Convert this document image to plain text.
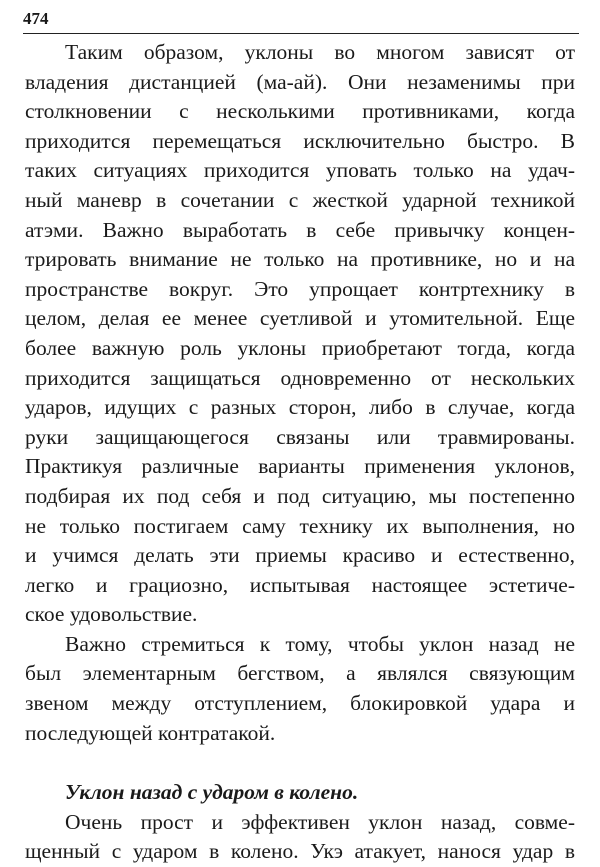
474
Таким образом, уклоны во многом зависят от
владения дистанцией (ма-ай). Они незаменимы при
столкновении с несколькими противниками, когда
приходится перемещаться исключительно быстро. В
таких ситуациях приходится уповать только на удач-
ный маневр в сочетании с жесткой ударной техникой
атэми. Важно выработать в себе привычку концен-
трировать внимание не только на противнике, но и на
пространстве вокруг. Это упрощает контртехнику в
целом, делая ее менее суетливой и утомительной. Еще
более важную роль уклоны приобретают тогда, когда
приходится защищаться одновременно от нескольких
ударов, идущих с разных сторон, либо в случае, когда
руки защищающегося связаны или травмированы.
Практикуя различные варианты применения уклонов,
подбирая их под себя и под ситуацию, мы постепенно
не только постигаем саму технику их выполнения, но
и учимся делать эти приемы красиво и естественно,
легко и грациозно, испытывая настоящее эстетиче-
ское удовольствие.
Важно стремиться к тому, чтобы уклон назад не
был элементарным бегством, а являлся связующим
звеном между отступлением, блокировкой удара и
последующей контратакой.
Уклон назад с ударом в колено.
Очень прост и эффективен уклон назад, совме-
щенный с ударом в колено. Укэ атакует, нанося удар в
